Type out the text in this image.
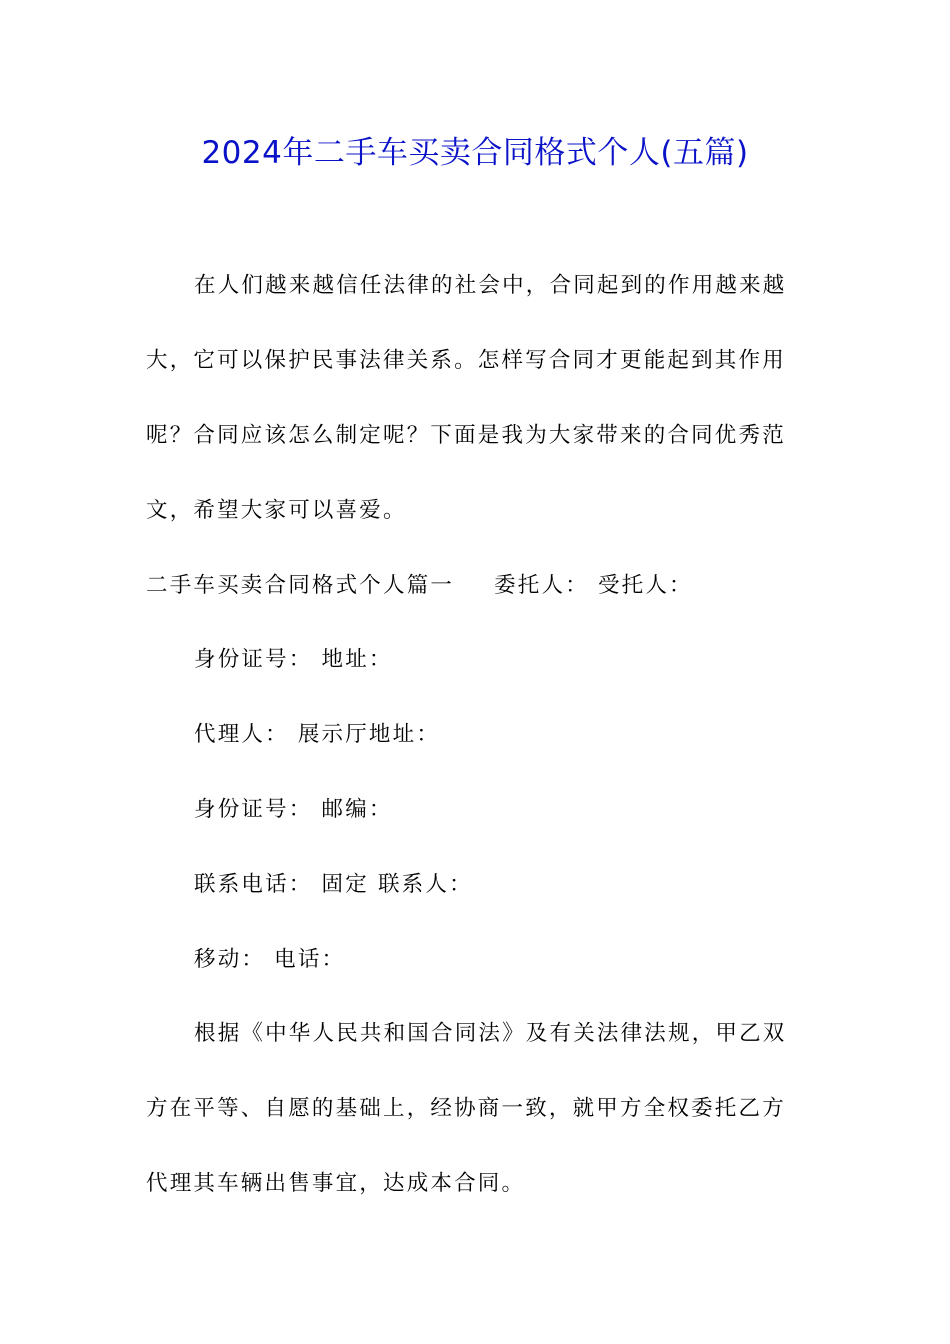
2024年二手车买卖合同格式个人(五篇)
在人们越来越信任法律的社会中，合同起到的作用越来越
大，它可以保护民事法律关系。怎样写合同才更能起到其作用
呢？合同应该怎么制定呢？下面是我为大家带来的合同优秀范
文，希望大家可以喜爱。
二手车买卖合同格式个人篇一 委托人： 受托人：
身份证号： 地址：
代理人： 展示厅地址：
身份证号： 邮编：
联系电话： 固定 联系人：
移动： 电话：
根据《中华人民共和国合同法》及有关法律法规，甲乙双
方在平等、自愿的基础上，经协商一致，就甲方全权委托乙方
代理其车辆出售事宜，达成本合同。
